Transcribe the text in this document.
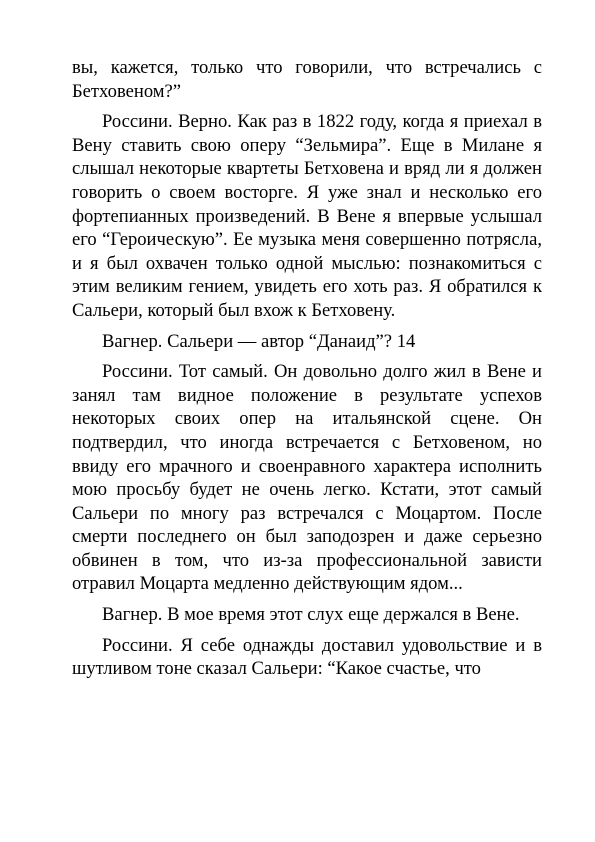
вы, кажется, только что говорили, что встречались с Бетховеном?”

Россини. Верно. Как раз в 1822 году, когда я приехал в Вену ставить свою оперу “Зельмира”. Еще в Милане я слышал некоторые квартеты Бетховена и вряд ли я должен говорить о своем восторге. Я уже знал и несколько его фортепианных произведений. В Вене я впервые услышал его “Героическую”. Ее музыка меня совершенно потрясла, и я был охвачен только одной мыслью: познакомиться с этим великим гением, увидеть его хоть раз. Я обратился к Сальери, который был вхож к Бетховену.

Вагнер. Сальери — автор “Данаид”? 14

Россини. Тот самый. Он довольно долго жил в Вене и занял там видное положение в результате успехов некоторых своих опер на итальянской сцене. Он подтвердил, что иногда встречается с Бетховеном, но ввиду его мрачного и своенравного характера исполнить мою просьбу будет не очень легко. Кстати, этот самый Сальери по многу раз встречался с Моцартом. После смерти последнего он был заподозрен и даже серьезно обвинен в том, что из-за профессиональной зависти отравил Моцарта медленно действующим ядом...

Вагнер. В мое время этот слух еще держался в Вене.

Россини. Я себе однажды доставил удовольствие и в шутливом тоне сказал Сальери: “Какое счастье, что
